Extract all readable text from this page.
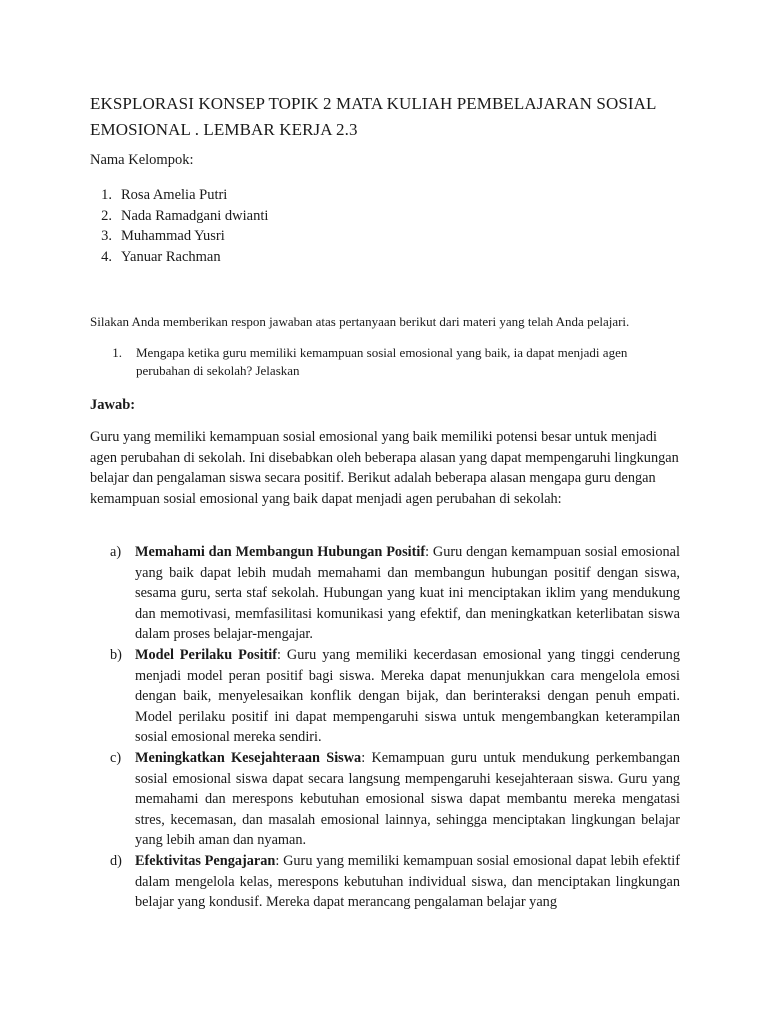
EKSPLORASI KONSEP TOPIK 2 MATA KULIAH PEMBELAJARAN SOSIAL EMOSIONAL . LEMBAR KERJA 2.3

Nama Kelompok:

1. Rosa Amelia Putri
2. Nada Ramadgani dwianti
3. Muhammad Yusri
4. Yanuar Rachman

Silakan Anda memberikan respon jawaban atas pertanyaan berikut dari materi yang telah Anda pelajari.

1. Mengapa ketika guru memiliki kemampuan sosial emosional yang baik, ia dapat menjadi agen perubahan di sekolah? Jelaskan

Jawab:

Guru yang memiliki kemampuan sosial emosional yang baik memiliki potensi besar untuk menjadi agen perubahan di sekolah. Ini disebabkan oleh beberapa alasan yang dapat mempengaruhi lingkungan belajar dan pengalaman siswa secara positif. Berikut adalah beberapa alasan mengapa guru dengan kemampuan sosial emosional yang baik dapat menjadi agen perubahan di sekolah:

a) Memahami dan Membangun Hubungan Positif: Guru dengan kemampuan sosial emosional yang baik dapat lebih mudah memahami dan membangun hubungan positif dengan siswa, sesama guru, serta staf sekolah. Hubungan yang kuat ini menciptakan iklim yang mendukung dan memotivasi, memfasilitasi komunikasi yang efektif, dan meningkatkan keterlibatan siswa dalam proses belajar-mengajar.
b) Model Perilaku Positif: Guru yang memiliki kecerdasan emosional yang tinggi cenderung menjadi model peran positif bagi siswa. Mereka dapat menunjukkan cara mengelola emosi dengan baik, menyelesaikan konflik dengan bijak, dan berinteraksi dengan penuh empati. Model perilaku positif ini dapat mempengaruhi siswa untuk mengembangkan keterampilan sosial emosional mereka sendiri.
c) Meningkatkan Kesejahteraan Siswa: Kemampuan guru untuk mendukung perkembangan sosial emosional siswa dapat secara langsung mempengaruhi kesejahteraan siswa. Guru yang memahami dan merespons kebutuhan emosional siswa dapat membantu mereka mengatasi stres, kecemasan, dan masalah emosional lainnya, sehingga menciptakan lingkungan belajar yang lebih aman dan nyaman.
d) Efektivitas Pengajaran: Guru yang memiliki kemampuan sosial emosional dapat lebih efektif dalam mengelola kelas, merespons kebutuhan individual siswa, dan menciptakan lingkungan belajar yang kondusif. Mereka dapat merancang pengalaman belajar yang
